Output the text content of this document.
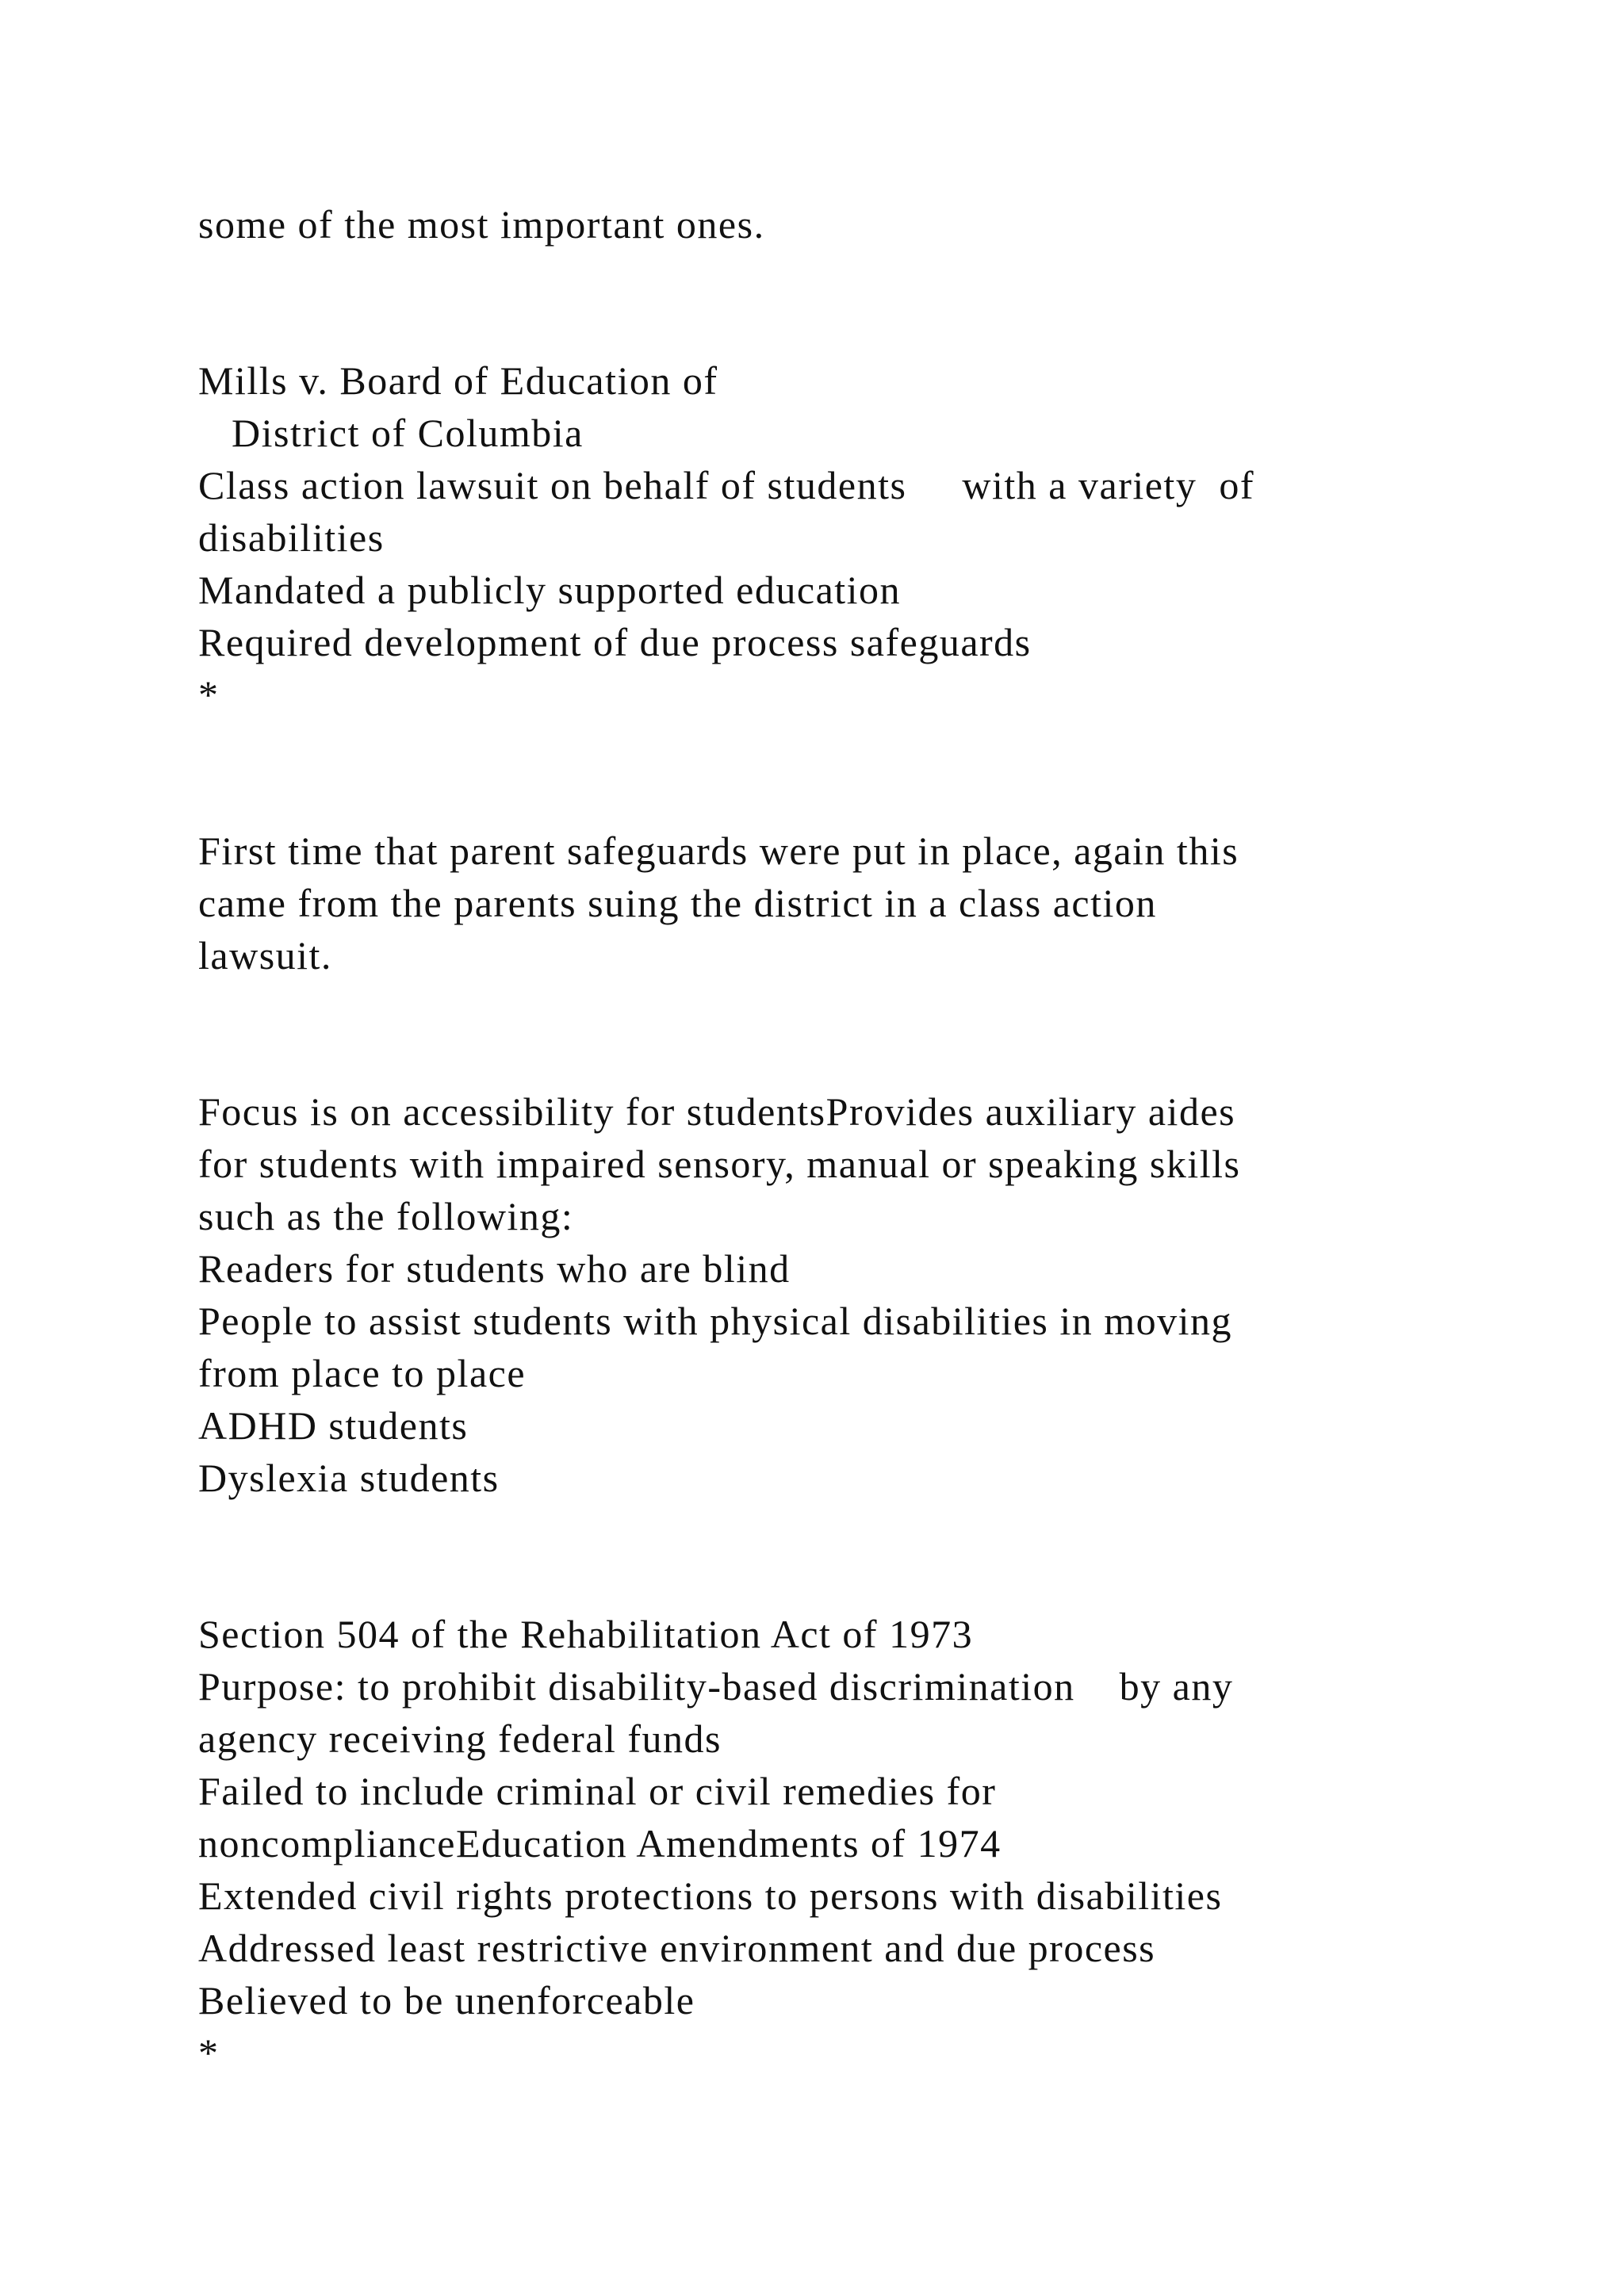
some of the most important ones.

Mills v. Board of Education of

District of Columbia

Class action lawsuit on behalf of students     with a variety  of

disabilities

Mandated a publicly supported education

Required development of due process safeguards

*

First time that parent safeguards were put in place, again this

came from the parents suing the district in a class action

lawsuit.

Focus is on accessibility for studentsProvides auxiliary aides

for students with impaired sensory, manual or speaking skills

such as the following:

Readers for students who are blind

People to assist students with physical disabilities in moving

from place to place

ADHD students

Dyslexia students

Section 504 of the Rehabilitation Act of 1973

Purpose: to prohibit disability-based discrimination    by any

agency receiving federal funds

Failed to include criminal or civil remedies for

noncomplianceEducation Amendments of 1974

Extended civil rights protections to persons with disabilities

Addressed least restrictive environment and due process

Believed to be unenforceable

*
